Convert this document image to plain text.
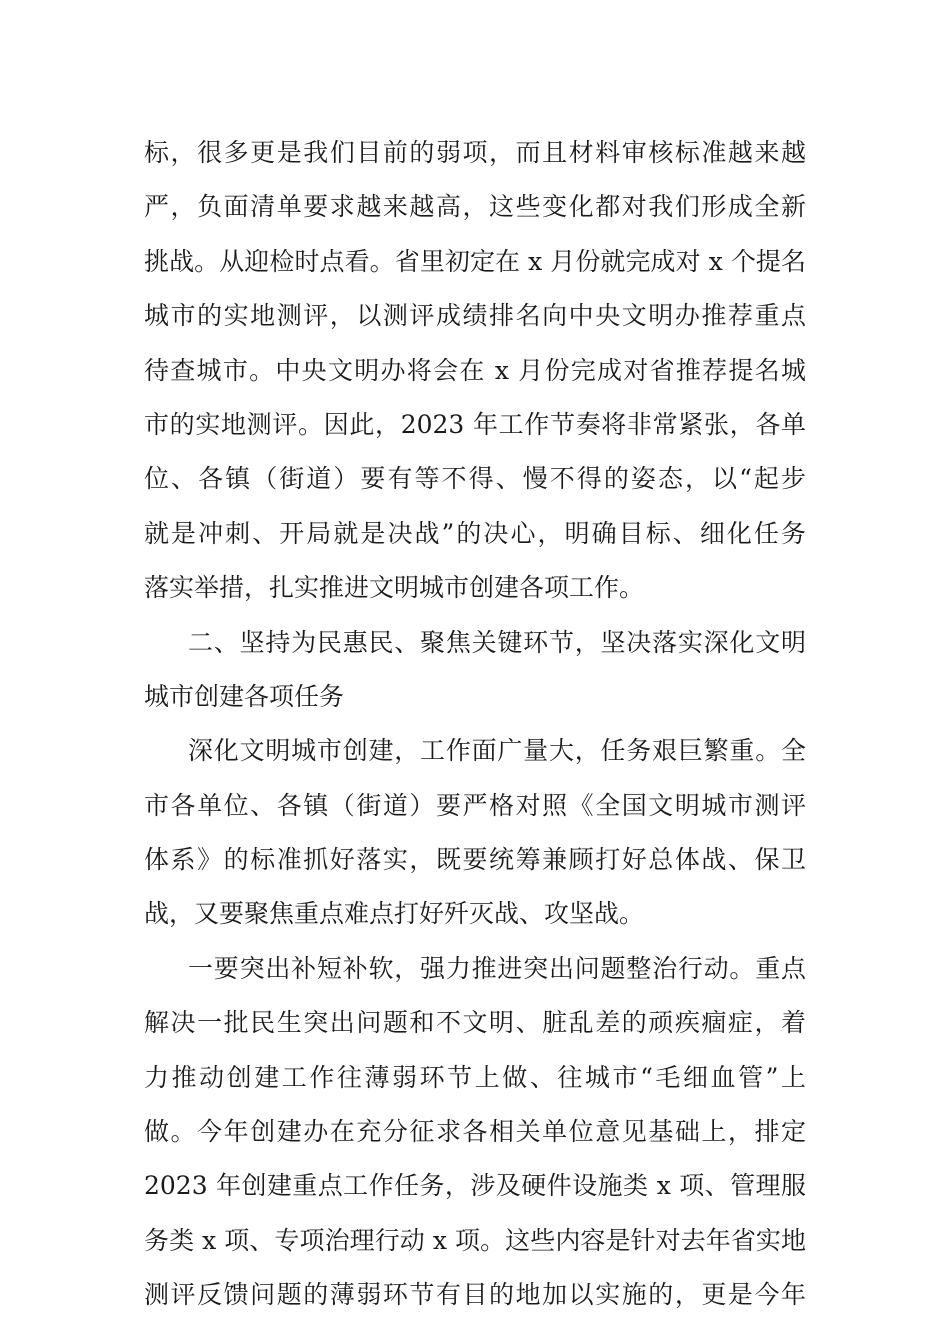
标，很多更是我们目前的弱项，而且材料审核标准越来越
严，负面清单要求越来越高，这些变化都对我们形成全新
挑战。从迎检时点看。省里初定在 x 月份就完成对 x 个提名
城市的实地测评，以测评成绩排名向中央文明办推荐重点
待查城市。中央文明办将会在 x 月份完成对省推荐提名城
市的实地测评。因此，2023 年工作节奏将非常紧张，各单
位、各镇（街道）要有等不得、慢不得的姿态，以“起步
就是冲刺、开局就是决战”的决心，明确目标、细化任务
落实举措，扎实推进文明城市创建各项工作。
二、坚持为民惠民、聚焦关键环节，坚决落实深化文明
城市创建各项任务
深化文明城市创建，工作面广量大，任务艰巨繁重。全
市各单位、各镇（街道）要严格对照《全国文明城市测评
体系》的标准抓好落实，既要统筹兼顾打好总体战、保卫
战，又要聚焦重点难点打好歼灭战、攻坚战。
一要突出补短补软，强力推进突出问题整治行动。重点
解决一批民生突出问题和不文明、脏乱差的顽疾痼症，着
力推动创建工作往薄弱环节上做、往城市“毛细血管”上
做。今年创建办在充分征求各相关单位意见基础上，排定
2023 年创建重点工作任务，涉及硬件设施类 x 项、管理服
务类 x 项、专项治理行动 x 项。这些内容是针对去年省实地
测评反馈问题的薄弱环节有目的地加以实施的，更是今年
